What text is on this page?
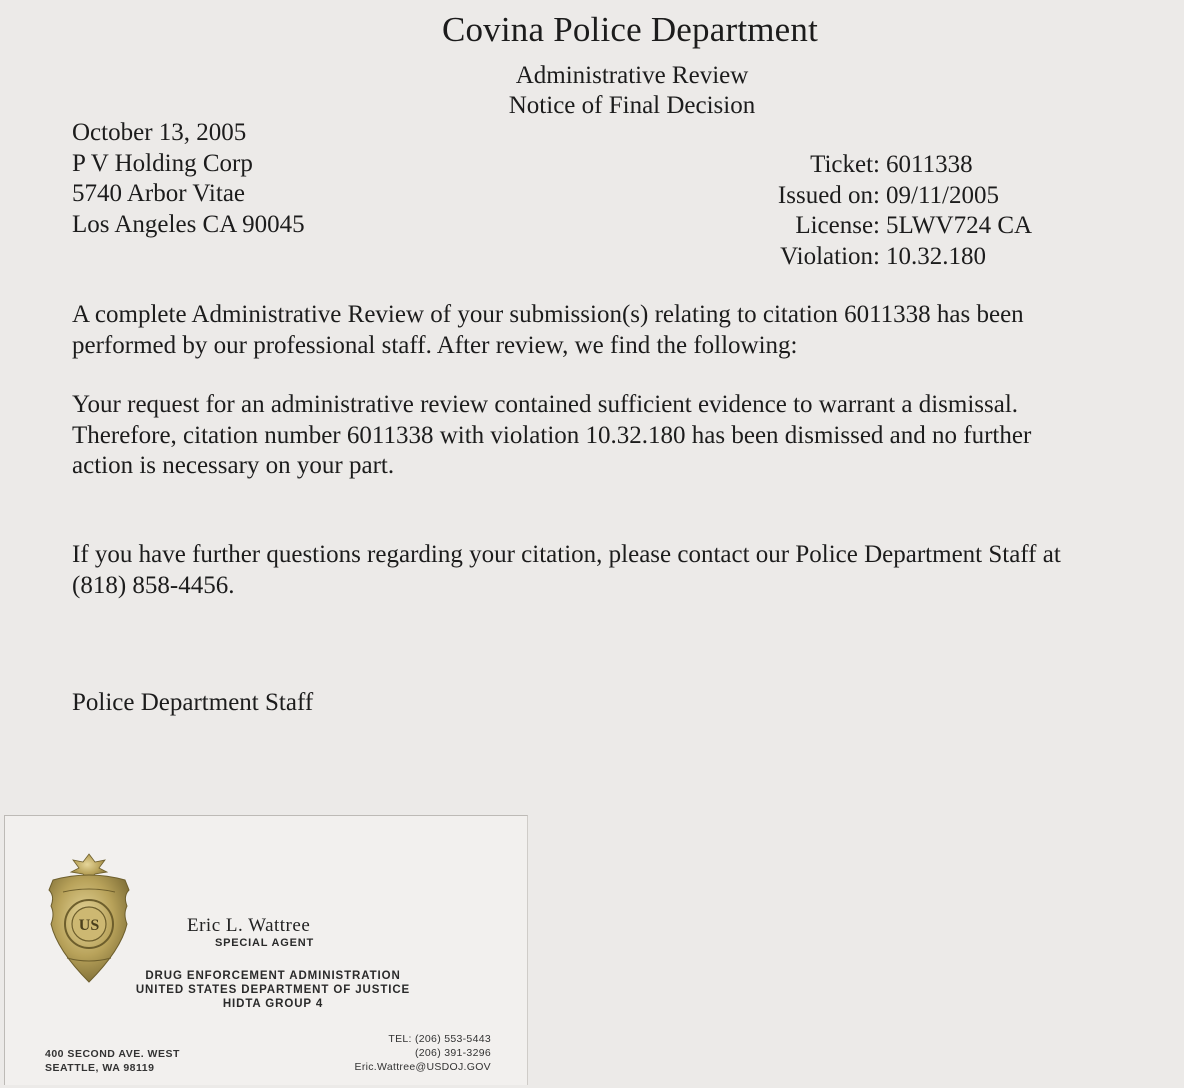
Covina Police Department
Administrative Review
Notice of Final Decision
October 13, 2005
P V Holding Corp
5740 Arbor Vitae
Los Angeles CA 90045
Ticket: 6011338
Issued on: 09/11/2005
License: 5LWV724 CA
Violation: 10.32.180
A complete Administrative Review of your submission(s) relating to citation 6011338 has been
performed by our professional staff. After review, we find the following:
Your request for an administrative review contained sufficient evidence to warrant a dismissal.
Therefore, citation number 6011338 with violation 10.32.180 has been dismissed and no further
action is necessary on your part.
If you have further questions regarding your citation, please contact our Police Department Staff at
(818) 858-4456.
Police Department Staff
US	Eric L. Wattree
SPECIAL AGENT
DRUG ENFORCEMENT ADMINISTRATION
UNITED STATES DEPARTMENT OF JUSTICE
HIDTA GROUP 4
400 SECOND AVE. WEST
SEATTLE, WA 98119
TEL: (206) 553-5443
(206) 391-3296
Eric.Wattree@USDOJ.GOV
